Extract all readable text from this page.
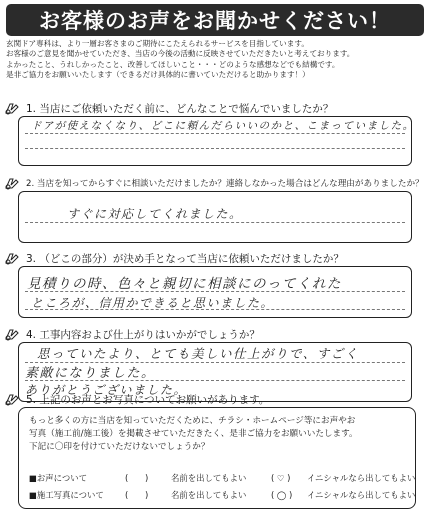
お客様のお声をお聞かせください！
玄関ドア専科は、より一層お客さまのご期待にこたえられるサービスを目指しています。
お客様のご意見を聞かせていただき、当店の今後の活動に反映させていただきたいと考えております。
よかったこと、うれしかったこと、改善してほしいこと・・・どのような感想などでも結構です。
是非ご協力をお願いいたします（できるだけ具体的に書いていただけると助かります！）
1. 当店にご依頼いただく前に、どんなことで悩んでいましたか？
ドアが使えなくなり、どこに頼んだらいいのかと、こまっていました。
2. 当店を知ってからすぐに相談いただけましたか？連絡しなかった場合はどんな理由がありましたか？
すぐに対応してくれました。
3. （どこの部分）が決め手となって当店に依頼いただけましたか？
見積りの時、色々と親切に相談にのってくれた
ところが、信用かできると思いました。
4. 工事内容および仕上がりはいかがでしょうか？
思っていたより、とても美しい仕上がりで、すごく
素敵になりました。
ありがとうございました。
5. 上記のお声とお写真についてお願いがあります。
もっと多くの方に当店を知っていただくために、チラシ・ホームページ等にお声やお
写真（施工前/施工後）を掲載させていただきたく、是非ご協力をお願いいたします。
下記に〇印を付けていただけないでしょうか？
■お声について	(　　)	名前を出してもよい	( ♡ )	イニシャルなら出してもよい
■施工写真について	(　　)	名前を出してもよい	( ◯ )	イニシャルなら出してもよい
